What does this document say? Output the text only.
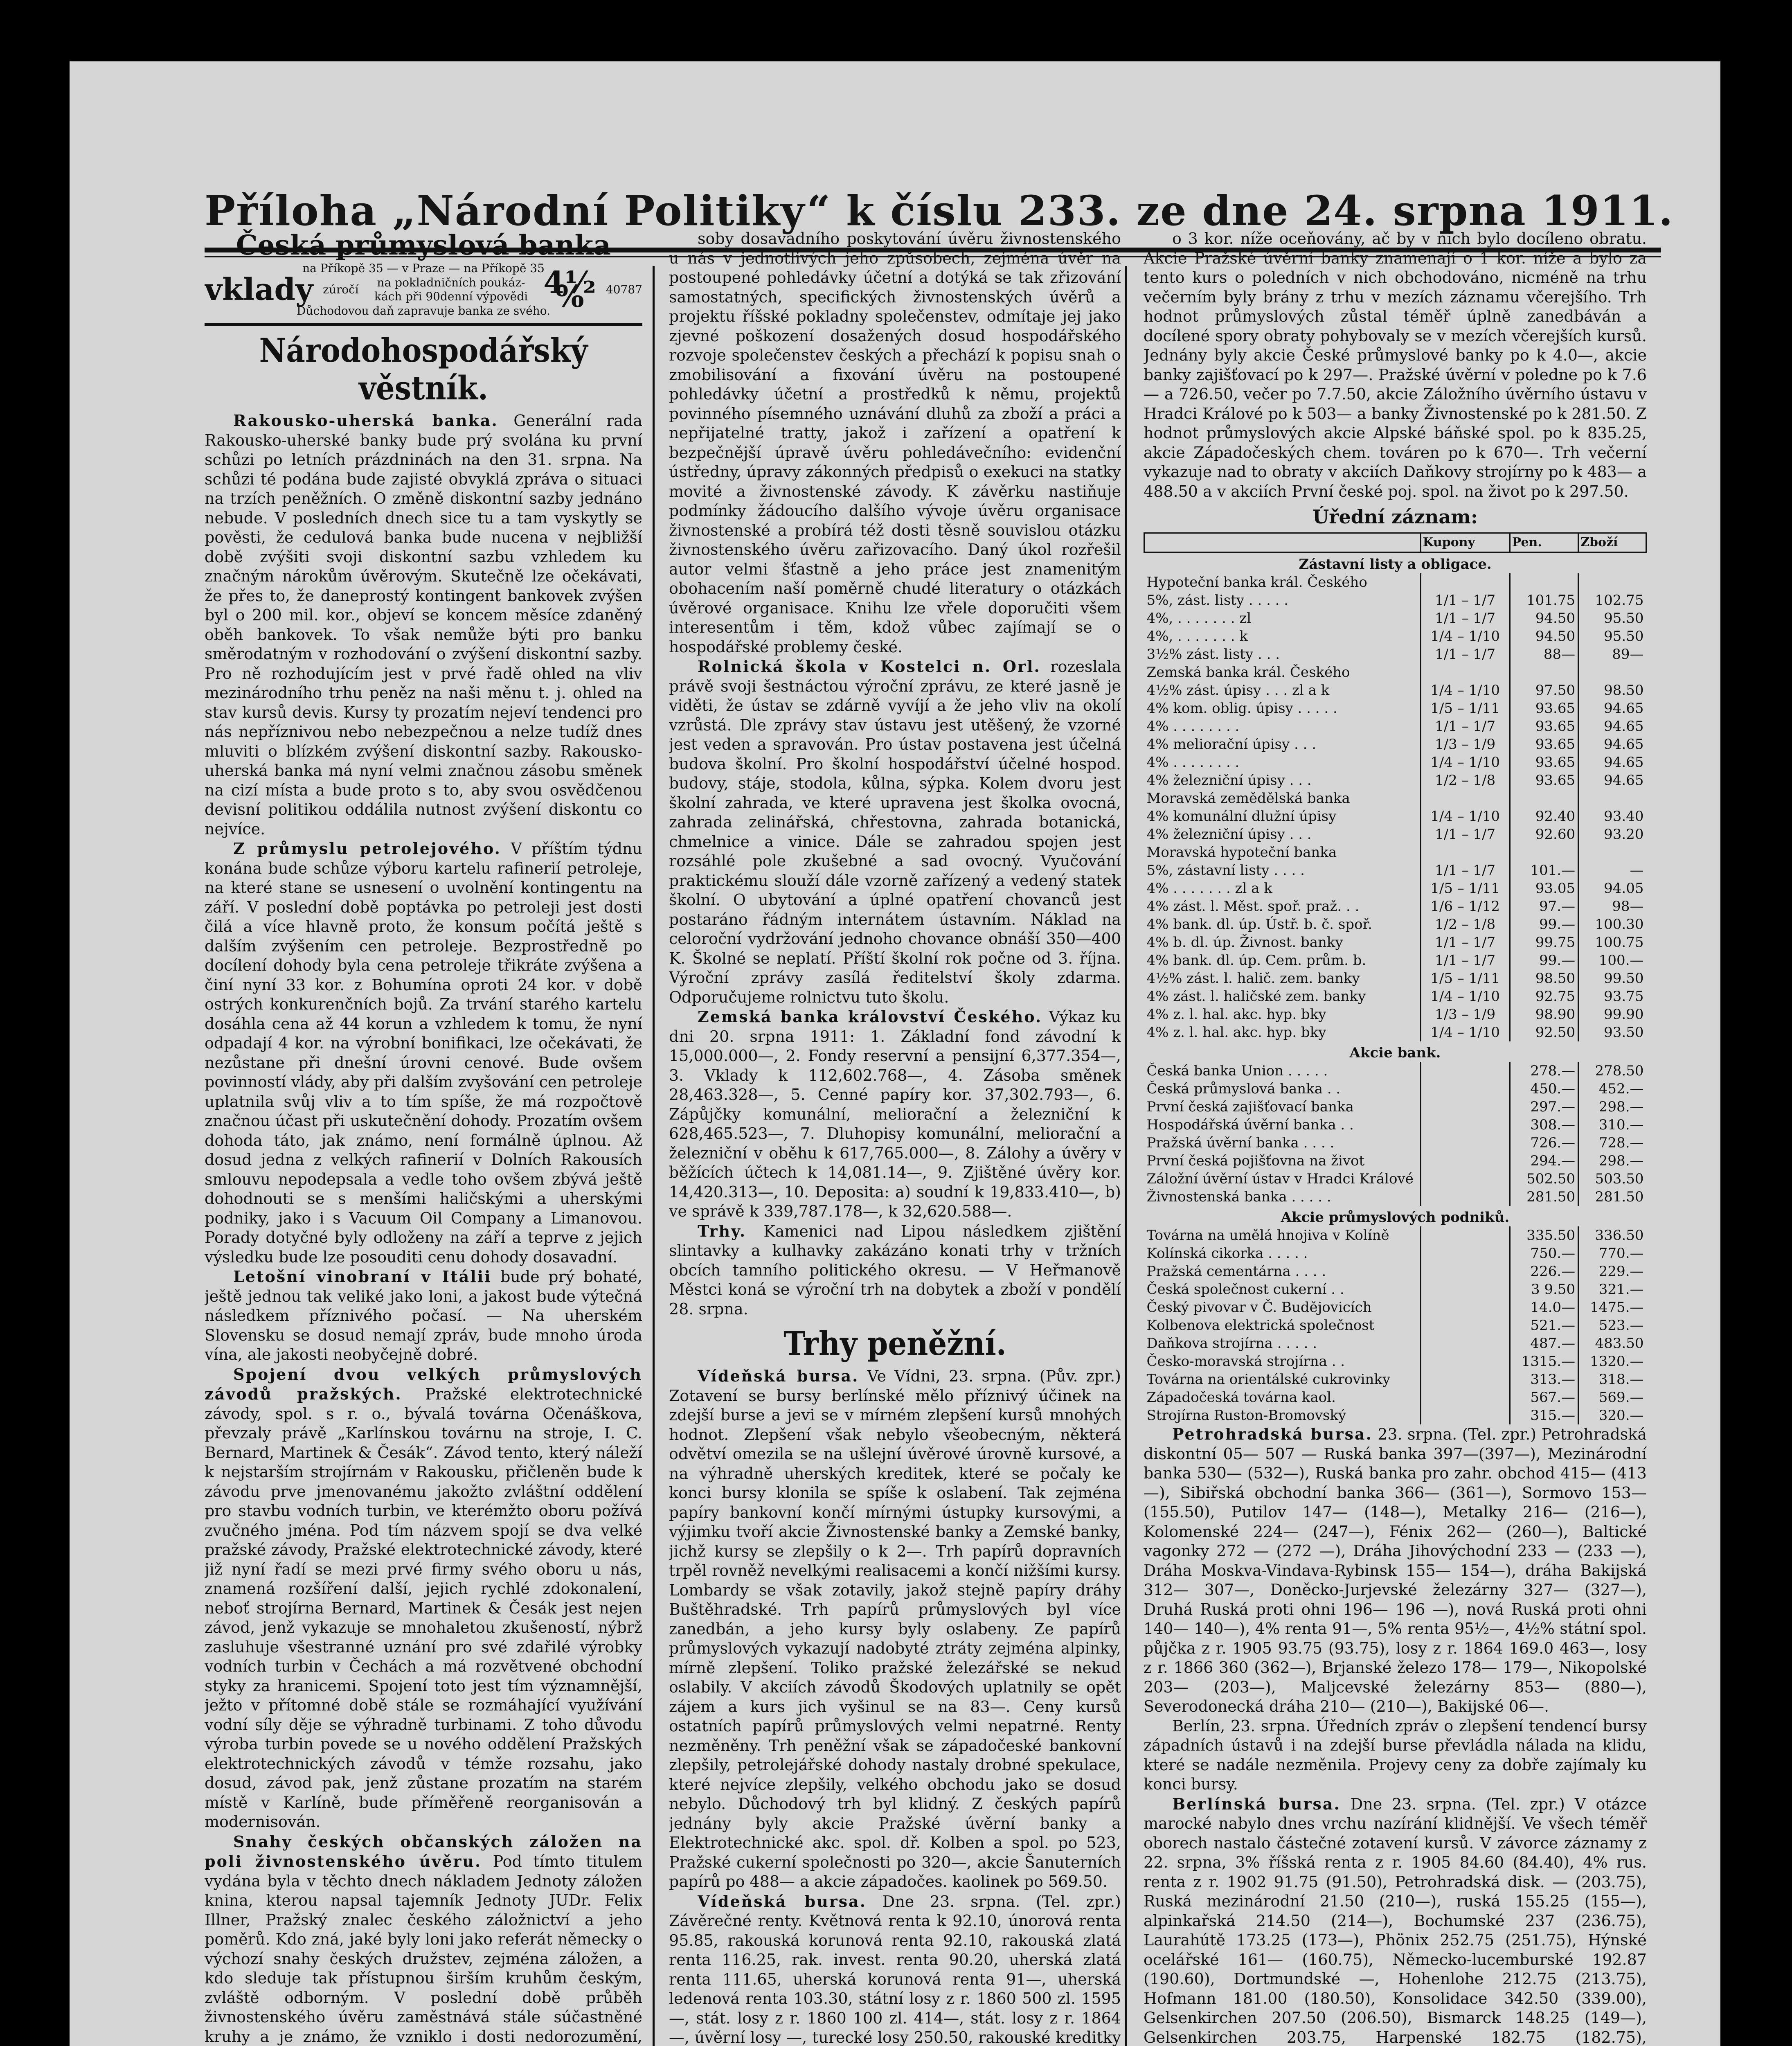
Příloha „Národní Politiky“ k číslu 233. ze dne 24. srpna 1911.
Česká průmyslová banka
na Příkopě 35 — v Praze — na Příkopě 35
vklady zúročí
na pokladničních poukáz-kách při 90denní výpovědi 4½ %	40787
Důchodovou daň zapravuje banka ze svého.
Národohospodářský věstník.

Rakousko-uherská banka. Generální rada Rakousko-uherské banky bude prý svolána ku první schůzi po letních prázdninách na den 31. srpna. Na schůzi té podána bude zajisté obvyklá zpráva o situaci na trzích peněžních. O změně diskontní sazby jednáno nebude. V posledních dnech sice tu a tam vyskytly se pověsti, že cedulová banka bude nucena v nejbližší době zvýšiti svoji diskontní sazbu vzhledem ku značným nárokům úvěrovým. Skutečně lze očekávati, že přes to, že daneprostý kontingent bankovek zvýšen byl o 200 mil. kor., objeví se koncem měsíce zdaněný oběh bankovek. To však nemůže býti pro banku směrodatným v rozhodování o zvýšení diskontní sazby. Pro ně rozhodujícím jest v prvé řadě ohled na vliv mezinárodního trhu peněz na naši měnu t. j. ohled na stav kursů devis. Kursy ty prozatím nejeví tendenci pro nás nepříznivou nebo nebezpečnou a nelze tudíž dnes mluviti o blízkém zvýšení diskontní sazby. Rakousko-uherská banka má nyní velmi značnou zásobu směnek na cizí místa a bude proto s to, aby svou osvědčenou devisní politikou oddálila nutnost zvýšení diskontu co nejvíce.

Z průmyslu petrolejového. V příštím týdnu konána bude schůze výboru kartelu rafinerií petroleje, na které stane se usnesení o uvolnění kontingentu na září. V poslední době poptávka po petroleji jest dosti čilá a více hlavně proto, že konsum počítá ještě s dalším zvýšením cen petroleje. Bezprostředně po docílení dohody byla cena petroleje třikráte zvýšena a činí nyní 33 kor. z Bohumína oproti 24 kor. v době ostrých konkurenčních bojů. Za trvání starého kartelu dosáhla cena až 44 korun a vzhledem k tomu, že nyní odpadají 4 kor. na výrobní bonifikaci, lze očekávati, že nezůstane při dnešní úrovni cenové. Bude ovšem povinností vlády, aby při dalším zvyšování cen petroleje uplatnila svůj vliv a to tím spíše, že má rozpočtově značnou účast při uskutečnění dohody. Prozatím ovšem dohoda táto, jak známo, není formálně úplnou. Až dosud jedna z velkých rafinerií v Dolních Rakousích smlouvu nepodepsala a vedle toho ovšem zbývá ještě dohodnouti se s menšími haličskými a uherskými podniky, jako i s Vacuum Oil Company a Limanovou. Porady dotyčné byly odloženy na září a teprve z jejich výsledku bude lze posouditi cenu dohody dosavadní.

Letošní vinobraní v Itálii bude prý bohaté, ještě jednou tak veliké jako loni, a jakost bude výtečná následkem příznivého počasí. — Na uherském Slovensku se dosud nemají zpráv, bude mnoho úroda vína, ale jakosti neobyčejně dobré.

Spojení dvou velkých průmyslových závodů pražských. Pražské elektrotechnické závody, spol. s r. o., bývalá továrna Očenáškova, převzaly právě „Karlínskou továrnu na stroje, I. C. Bernard, Martinek & Česák“. Závod tento, který náleží k nejstarším strojírnám v Rakousku, přičleněn bude k závodu prve jmenovanému jakožto zvláštní oddělení pro stavbu vodních turbin, ve kterémžto oboru požívá zvučného jména. Pod tím názvem spojí se dva velké pražské závody, Pražské elektrotechnické závody, které již nyní řadí se mezi prvé firmy svého oboru u nás, znamená rozšíření další, jejich rychlé zdokonalení, neboť strojírna Bernard, Martinek & Česák jest nejen závod, jenž vykazuje se mnohaletou zkušeností, nýbrž zasluhuje všestranné uznání pro své zdařilé výrobky vodních turbin v Čechách a má rozvětvené obchodní styky za hranicemi. Spojení toto jest tím významnější, ježto v přítomné době stále se rozmáhající využívání vodní síly děje se výhradně turbinami. Z toho důvodu výroba turbin povede se u nového oddělení Pražských elektrotechnických závodů v témže rozsahu, jako dosud, závod pak, jenž zůstane prozatím na starém místě v Karlíně, bude příměřeně reorganisován a modernisován.

Snahy českých občanských záložen na poli živnostenského úvěru. Pod tímto titulem vydána byla v těchto dnech nákladem Jednoty záložen knina, kterou napsal tajemník Jednoty JUDr. Felix Illner, Pražský znalec českého záložnictví a jeho poměrů. Kdo zná, jaké byly loni jako referát německy o výchozí snahy českých družstev, zejména záložen, a kdo sleduje tak přístupnou širším kruhům českým, zvláště odborným. V poslední době průběh živnostenského úvěru zaměstnává stále súčastněné kruhy a je známo, že vzniklo i dosti nedorozumění,

soby dosavadního poskytování úvěru živnostenského u nás v jednotlivých jeho způsobech, zejména úvěr na postoupené pohledávky účetní a dotýká se tak zřizování samostatných, specifických živnostenských úvěrů a projektu říšské pokladny společenstev, odmítaje jej jako zjevné poškození dosažených dosud hospodářského rozvoje společenstev českých a přechází k popisu snah o zmobilisování a fixování úvěru na postoupené pohledávky účetní a prostředků k němu, projektů povinného písemného uznávání dluhů za zboží a práci a nepřijatelné tratty, jakož i zařízení a opatření k bezpečnější úpravě úvěru pohledávečního: evidenční ústředny, úpravy zákonných předpisů o exekuci na statky movité a živnostenské závody. K závěrku nastiňuje podmínky žádoucího dalšího vývoje úvěru organisace živnostenské a probírá též dosti těsně souvislou otázku živnostenského úvěru zařizovacího. Daný úkol rozřešil autor velmi šťastně a jeho práce jest znamenitým obohacením naší poměrně chudé literatury o otázkách úvěrové organisace. Knihu lze vřele doporučiti všem interesentům i těm, kdož vůbec zajímají se o hospodářské problemy české.

Rolnická škola v Kostelci n. Orl. rozeslala právě svoji šestnáctou výroční zprávu, ze které jasně je viděti, že ústav se zdárně vyvíjí a že jeho vliv na okolí vzrůstá. Dle zprávy stav ústavu jest utěšený, že vzorné jest veden a spravován. Pro ústav postavena jest účelná budova školní. Pro školní hospodářství účelné hospod. budovy, stáje, stodola, kůlna, sýpka. Kolem dvoru jest školní zahrada, ve které upravena jest školka ovocná, zahrada zelinářská, chřestovna, zahrada botanická, chmelnice a vinice. Dále se zahradou spojen jest rozsáhlé pole zkušebné a sad ovocný. Vyučování praktickému slouží dále vzorně zařízený a vedený statek školní. O ubytování a úplné opatření chovanců jest postaráno řádným internátem ústavním. Náklad na celoroční vydržování jednoho chovance obnáší 350—400 K. Školné se neplatí. Příští školní rok počne od 3. října. Výroční zprávy zasílá ředitelství školy zdarma. Odporučujeme rolnictvu tuto školu.

Zemská banka království Českého. Výkaz ku dni 20. srpna 1911: 1. Základní fond závodní k 15,000.000—, 2. Fondy reservní a pensijní 6,377.354—, 3. Vklady k 112,602.768—, 4. Zásoba směnek 28,463.328—, 5. Cenné papíry kor. 37,302.793—, 6. Zápůjčky komunální, meliorační a železniční k 628,465.523—, 7. Dluhopisy komunální, meliorační a železniční v oběhu k 617,765.000—, 8. Zálohy a úvěry v běžících účtech k 14,081.14—, 9. Zjištěné úvěry kor. 14,420.313—, 10. Deposita: a) soudní k 19,833.410—, b) ve správě k 339,787.178—, k 32,620.588—.

Trhy. Kamenici nad Lipou následkem zjištění slintavky a kulhavky zakázáno konati trhy v tržních obcích tamního politického okresu. — V Heřmanově Městci koná se výroční trh na dobytek a zboží v pondělí 28. srpna.

Trhy peněžní.

Vídeňská bursa. Ve Vídni, 23. srpna. (Pův. zpr.) Zotavení se bursy berlínské mělo příznivý účinek na zdejší burse a jevi se v mírném zlepšení kursů mnohých hodnot. Zlepšení však nebylo všeobecným, některá odvětví omezila se na ušlejní úvěrové úrovně kursové, a na výhradně uherských kreditek, které se počaly ke konci bursy klonila se spíše k oslabení. Tak zejména papíry bankovní končí mírnými ústupky kursovými, a výjimku tvoří akcie Živnostenské banky a Zemské banky, jichž kursy se zlepšily o k 2—. Trh papírů dopravních trpěl rovněž nevelkými realisacemi a končí nižšími kursy. Lombardy se však zotavily, jakož stejně papíry dráhy Buštěhradské. Trh papírů průmyslových byl více zanedbán, a jeho kursy byly oslabeny. Ze papírů průmyslových vykazují nadobyté ztráty zejména alpinky, mírně zlepšení. Toliko pražské železářské se nekud oslabily. V akciích závodů Škodových uplatnily se opět zájem a kurs jich vyšinul se na 83—. Ceny kursů ostatních papírů průmyslových velmi nepatrné. Renty nezměněny. Trh peněžní však se západočeské bankovní zlepšily, petrolejářské dohody nastaly drobné spekulace, které nejvíce zlepšily, velkého obchodu jako se dosud nebylo. Důchodový trh byl klidný. Z českých papírů jednány byly akcie Pražské úvěrní banky a Elektrotechnické akc. spol. dř. Kolben a spol. po 523, Pražské cukerní společnosti po 320—, akcie Šanuterních papírů po 488— a akcie západočes. kaolinek po 569.50.

Vídeňská bursa. Dne 23. srpna. (Tel. zpr.) Závěrečné renty. Květnová renta k 92.10, únorová renta 95.85, rakouská korunová renta 92.10, rakouská zlatá renta 116.25, rak. invest. renta 90.20, uherská zlatá renta 111.65, uherská korunová renta 91—, uherská ledenová renta 103.30, státní losy z r. 1860 500 zl. 1595—, stát. losy z r. 1860 100 zl. 414—, stát. losy z r. 1864 —, úvěrní losy —, turecké losy 250.50, rakouské kreditky

o 3 kor. níže oceňovány, ač by v nich bylo docíleno obratu. Akcie Pražské úvěrní banky znamenají o 1 kor. níže a bylo za tento kurs o poledních v nich obchodováno, nicméně na trhu večerním byly brány z trhu v mezích záznamu včerejšího. Trh hodnot průmyslových zůstal téměř úplně zanedbáván a docílené spory obraty pohybovaly se v mezích včerejších kursů. Jednány byly akcie České průmyslové banky po k 4.0—, akcie banky zajišťovací po k 297—. Pražské úvěrní v poledne po k 7.6— a 726.50, večer po 7.7.50, akcie Záložního úvěrního ústavu v Hradci Králové po k 503— a banky Živnostenské po k 281.50. Z hodnot průmyslových akcie Alpské báňské spol. po k 835.25, akcie Západočeských chem. továren po k 670—. Trh večerní vykazuje nad to obraty v akciích Daňkovy strojírny po k 483— a 488.50 a v akciích První české poj. spol. na život po k 297.50.

Úřední záznam:
	Kupony	Pen.	Zboží
Zástavní listy a obligace.			
Hypoteční banka král. Českého			
5%, zást. listy . . . . .	1/1 – 1/7	101.75	102.75
4%, . . . . . . . zl	1/1 – 1/7	94.50	95.50
4%, . . . . . . . k	1/4 – 1/10	94.50	95.50
3½% zást. listy . . .	1/1 – 1/7	88—	89—
Zemská banka král. Českého			
4½% zást. úpisy . . . zl a k	1/4 – 1/10	97.50	98.50
4% kom. oblig. úpisy . . . . .	1/5 – 1/11	93.65	94.65
4% . . . . . . . .	1/1 – 1/7	93.65	94.65
4% meliorační úpisy . . .	1/3 – 1/9	93.65	94.65
4% . . . . . . . .	1/4 – 1/10	93.65	94.65
4% železniční úpisy . . .	1/2 – 1/8	93.65	94.65
Moravská zemědělská banka			
4% komunální dlužní úpisy	1/4 – 1/10	92.40	93.40
4% železniční úpisy . . .	1/1 – 1/7	92.60	93.20
Moravská hypoteční banka			
5%, zástavní listy . . . .	1/1 – 1/7	101.—	—
4% . . . . . . . zl a k	1/5 – 1/11	93.05	94.05
4% zást. l. Měst. spoř. praž. . .	1/6 – 1/12	97.—	98—
4% bank. dl. úp. Ústř. b. č. spoř.	1/2 – 1/8	99.—	100.30
4% b. dl. úp. Živnost. banky	1/1 – 1/7	99.75	100.75
4% bank. dl. úp. Cem. prům. b.	1/1 – 1/7	99.—	100.—
4½% zást. l. halič. zem. banky	1/5 – 1/11	98.50	99.50
4% zást. l. haličské zem. banky	1/4 – 1/10	92.75	93.75
4% z. l. hal. akc. hyp. bky	1/3 – 1/9	98.90	99.90
4% z. l. hal. akc. hyp. bky	1/4 – 1/10	92.50	93.50
Akcie bank.			
Česká banka Union . . . . .		278.—	278.50
Česká průmyslová banka . .		450.—	452.—
První česká zajišťovací banka		297.—	298.—
Hospodářská úvěrní banka . .		308.—	310.—
Pražská úvěrní banka . . . .		726.—	728.—
První česká pojišťovna na život		294.—	298.—
Záložní úvěrní ústav v Hradci Králové		502.50	503.50
Živnostenská banka . . . . .		281.50	281.50
Akcie průmyslových podniků.			
Továrna na umělá hnojiva v Kolíně		335.50	336.50
Kolínská cikorka . . . . .		750.—	770.—
Pražská cementárna . . . .		226.—	229.—
Česká společnost cukerní . .		3 9.50	321.—
Český pivovar v Č. Budějovicích		14.0—	1475.—
Kolbenova elektrická společnost		521.—	523.—
Daňkova strojírna . . . . .		487.—	483.50
Česko-moravská strojírna . .		1315.—	1320.—
Továrna na orientálské cukrovinky		313.—	318.—
Západočeská továrna kaol.		567.—	569.—
Strojírna Ruston-Bromovský		315.—	320.—

Petrohradská bursa. 23. srpna. (Tel. zpr.) Petrohradská diskontní 05— 507 — Ruská banka 397—(397—), Mezinárodní banka 530— (532—), Ruská banka pro zahr. obchod 415— (413—), Sibiřská obchodní banka 366— (361—), Sormovo 153— (155.50), Putilov 147— (148—), Metalky 216— (216—), Kolomenské 224— (247—), Fénix 262— (260—), Baltické vagonky 272 — (272 —), Dráha Jihovýchodní 233 — (233 —), Dráha Moskva-Vindava-Rybinsk 155— 154—), dráha Bakijská 312— 307—, Doněcko-Jurjevské železárny 327— (327—), Druhá Ruská proti ohni 196— 196 —), nová Ruská proti ohni 140— 140—), 4% renta 91—, 5% renta 95½—, 4½% státní spol. půjčka z r. 1905 93.75 (93.75), losy z r. 1864 169.0 463—, losy z r. 1866 360 (362—), Brjanské železo 178— 179—, Nikopolské 203— (203—), Maljcevské železárny 853— (880—), Severodonecká dráha 210— (210—), Bakijské 06—.

Berlín, 23. srpna. Úředních zpráv o zlepšení tendencí bursy západních ústavů i na zdejší burse převládla nálada na klidu, které se nadále nezměnila. Projevy ceny za dobře zajímaly ku konci bursy.

Berlínská bursa. Dne 23. srpna. (Tel. zpr.) V otázce marocké nabylo dnes vrchu nazírání klidnější. Ve všech téměř oborech nastalo částečné zotavení kursů. V závorce záznamy z 22. srpna, 3% říšská renta z r. 1905 84.60 (84.40), 4% rus. renta z r. 1902 91.75 (91.50), Petrohradská disk. — (203.75), Ruská mezinárodní 21.50 (210—), ruská 155.25 (155—), alpinkařská 214.50 (214—), Bochumské 237 (236.75), Laurahútě 173.25 (173—), Phönix 252.75 (251.75), Hýnské ocelářské 161— (160.75), Německo-lucemburské 192.87 (190.60), Dortmundské —, Hohenlohe 212.75 (213.75), Hofmann 181.00 (180.50), Konsolidace 342.50 (339.00), Gelsenkirchen 207.50 (206.50), Bismarck 148.25 (149—), Gelsenkirchen 203.75, Harpenské 182.75 (182.75),
